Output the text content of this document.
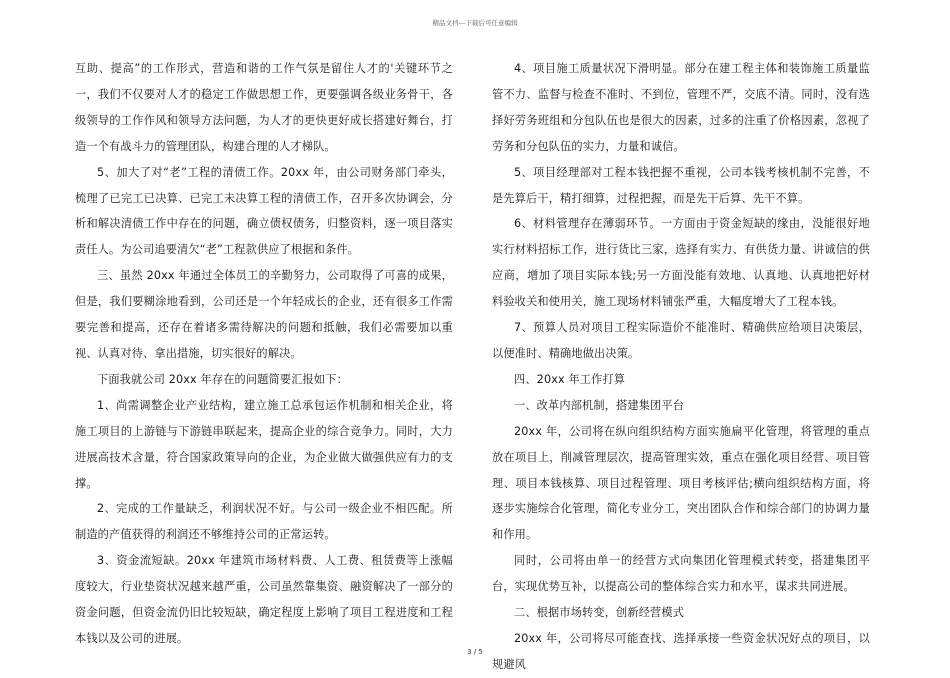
精品文档---下载后可任意编辑

互助、提高”的工作形式，营造和谐的工作气氛是留住人才的'关键环节之一，我们不仅要对人才的稳定工作做思想工作，更要强调各级业务骨干，各级领导的工作作风和领导方法问题，为人才的更快更好成长搭建好舞台，打造一个有战斗力的管理团队，构建合理的人才梯队。

5、加大了对“老”工程的清债工作。20xx 年，由公司财务部门牵头，梳理了已完工已决算、已完工未决算工程的清债工作，召开多次协调会，分析和解决清债工作中存在的问题，确立债权债务，归整资料，逐一项目落实责任人。为公司追要清欠“老”工程款供应了根据和条件。

三、虽然 20xx 年通过全体员工的辛勤努力，公司取得了可喜的成果，但是，我们要糊涂地看到，公司还是一个年轻成长的企业，还有很多工作需要完善和提高，还存在着诸多需待解决的问题和抵触，我们必需要加以重视、认真对待、拿出措施，切实很好的解决。

下面我就公司 20xx 年存在的问题简要汇报如下：

1、尚需调整企业产业结构，建立施工总承包运作机制和相关企业，将施工项目的上游链与下游链串联起来，提高企业的综合竞争力。同时，大力进展高技术含量，符合国家政策导向的企业，为企业做大做强供应有力的支撑。

2、完成的工作量缺乏，利润状况不好。与公司一级企业不相匹配。所制造的产值获得的利润还不够维持公司的正常运转。

3、资金流短缺。20xx 年建筑市场材料费、人工费、租赁费等上涨幅度较大，行业垫资状况越来越严重，公司虽然靠集资、融资解决了一部分的资金问题，但资金流仍旧比较短缺，确定程度上影响了项目工程进度和工程本钱以及公司的进展。

4、项目施工质量状况下滑明显。部分在建工程主体和装饰施工质量监管不力、监督与检查不准时、不到位，管理不严，交底不清。同时，没有选择好劳务班组和分包队伍也是很大的因素，过多的注重了价格因素，忽视了劳务和分包队伍的实力，力量和诚信。

5、项目经理部对工程本钱把握不重视，公司本钱考核机制不完善，不是先算后干，精打细算，过程把握，而是先干后算、先干不算。

6、材料管理存在薄弱环节。一方面由于资金短缺的缘由，没能很好地实行材料招标工作，进行货比三家，选择有实力、有供货力量、讲诚信的供应商，增加了项目实际本钱;另一方面没能有效地、认真地、认真地把好材料验收关和使用关，施工现场材料铺张严重，大幅度增大了工程本钱。

7、预算人员对项目工程实际造价不能准时、精确供应给项目决策层，以便准时、精确地做出决策。

四、20xx 年工作打算

一、改革内部机制，搭建集团平台

20xx 年，公司将在纵向组织结构方面实施扁平化管理，将管理的重点放在项目上，削减管理层次，提高管理实效，重点在强化项目经营、项目管理、项目本钱核算、项目过程管理、项目考核评估;横向组织结构方面，将逐步实施综合化管理，简化专业分工，突出团队合作和综合部门的协调力量和作用。

同时，公司将由单一的经营方式向集团化管理模式转变，搭建集团平台，实现优势互补，以提高公司的整体综合实力和水平，谋求共同进展。

二、根据市场转变，创新经营模式

20xx 年，公司将尽可能查找、选择承接一些资金状况好点的项目，以规避风

3 / 5
